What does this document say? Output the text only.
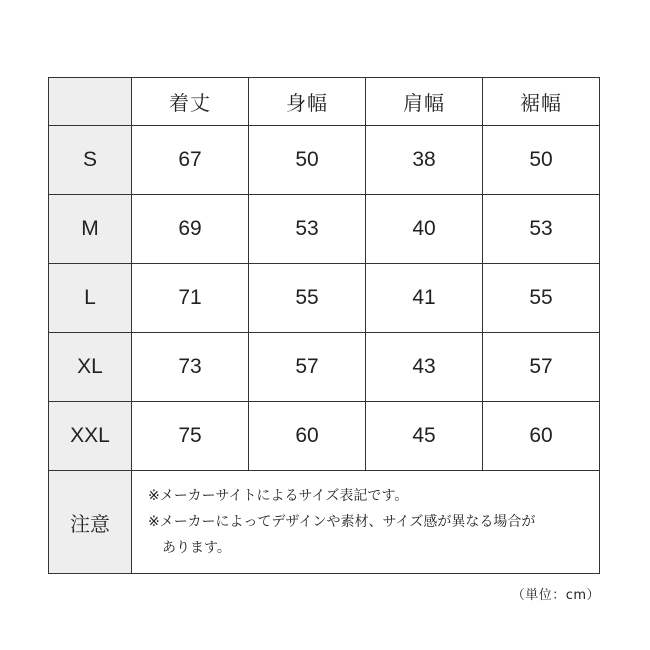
	着丈	身幅	肩幅	裾幅
S	67	50	38	50
M	69	53	40	53
L	71	55	41	55
XL	73	57	43	57
XXL	75	60	45	60
注意	※メーカーサイトによるサイズ表記です。
※メーカーによってデザインや素材、サイズ感が異なる場合が
あります。			
（単位：cm）
